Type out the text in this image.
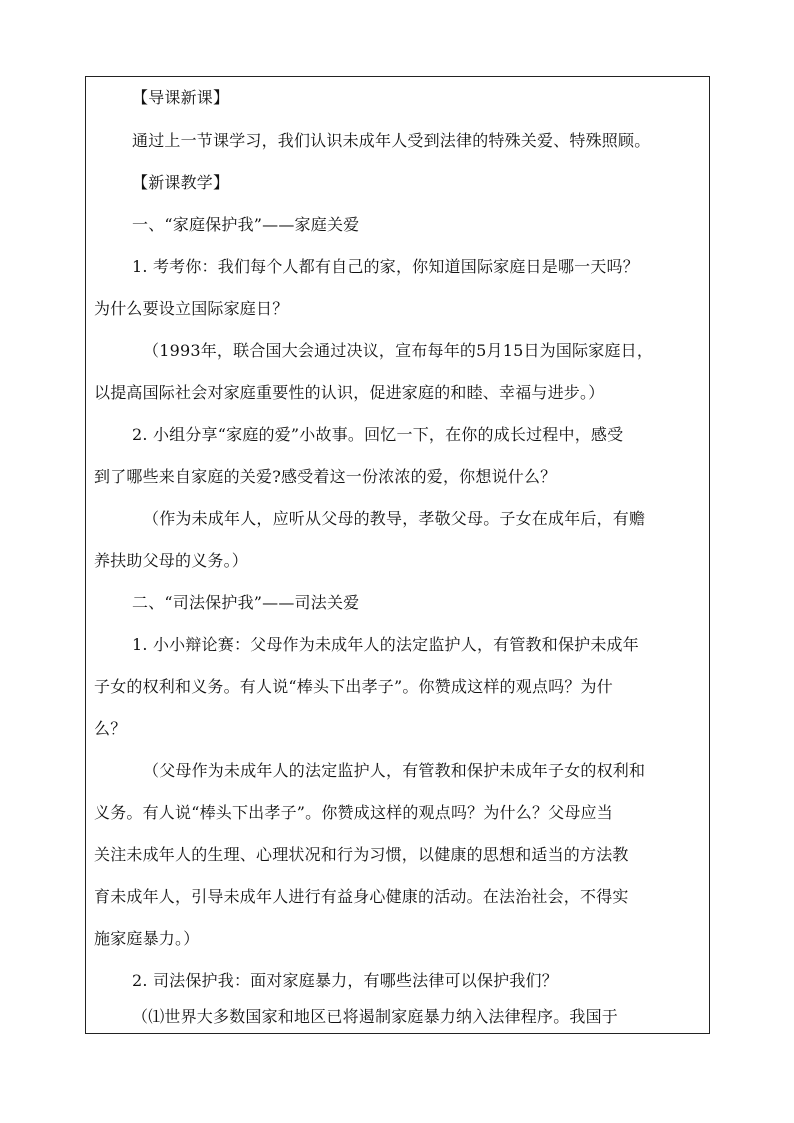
【导课新课】
通过上一节课学习，我们认识未成年人受到法律的特殊关爱、特殊照顾。
【新课教学】
一、“家庭保护我”——家庭关爱
1. 考考你：我们每个人都有自己的家，你知道国际家庭日是哪一天吗？
为什么要设立国际家庭日？
（1993年，联合国大会通过决议，宣布每年的5月15日为国际家庭日，
以提高国际社会对家庭重要性的认识，促进家庭的和睦、幸福与进步。）
2. 小组分享“家庭的爱”小故事。回忆一下，在你的成长过程中，感受
到了哪些来自家庭的关爱?感受着这一份浓浓的爱，你想说什么？
（作为未成年人，应听从父母的教导，孝敬父母。子女在成年后，有赡
养扶助父母的义务。）
二、“司法保护我”——司法关爱
1. 小小辩论赛：父母作为未成年人的法定监护人，有管教和保护未成年
子女的权利和义务。有人说“棒头下出孝子”。你赞成这样的观点吗？为什
么？
（父母作为未成年人的法定监护人，有管教和保护未成年子女的权利和
义务。有人说“棒头下出孝子”。你赞成这样的观点吗？为什么？父母应当
关注未成年人的生理、心理状况和行为习惯，以健康的思想和适当的方法教
育未成年人，引导未成年人进行有益身心健康的活动。在法治社会，不得实
施家庭暴力。）
2. 司法保护我：面对家庭暴力，有哪些法律可以保护我们？
（⑴世界大多数国家和地区已将遏制家庭暴力纳入法律程序。我国于
